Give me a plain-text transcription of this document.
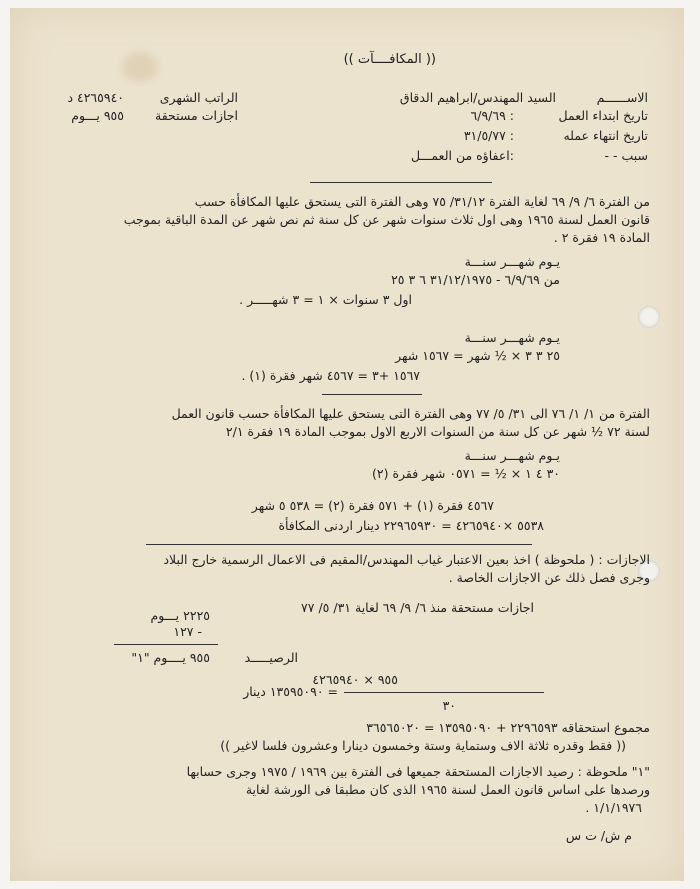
(( المكافــــآت ))
الاســــــم
السيد المهندس/ابراهيم الدقاق
الراتب الشهرى
٤٢٦٥٩٤٠ د
تاريخ ابتداء العمل
: ٦/٩/٦٩
اجازات مستحقة
٩٥٥ يـــوم
تاريخ انتهاء عمله
: ٣١/٥/٧٧
سبب - -
:اعفاؤه من العمـــل
من الفترة ٦/ ٩/ ٦٩ لغاية الفترة ٣١/١٢/ ٧٥ وهى الفترة التى يستحق عليها المكافأة حسب
قانون العمل لسنة ١٩٦٥ وهى اول ثلاث سنوات شهر عن كل سنة ثم نص شهر عن المدة الباقية بموجب
المادة ١٩ فقرة ٢ .
يـوم شهـــر سنـــة
من ٦/٩/٦٩ - ٣١/١٢/١٩٧٥ ٦ ٣ ٢٥
اول ٣ سنوات × ١ = ٣ شهـــــر .
يـوم شهـــر سنـــة
٢٥ ٣ ٣ × ½ شهر = ١٥٦٧ شهر
١٥٦٧ +٣ = ٤٥٦٧ شهر فقرة (١) .
الفترة من ١/ ١/ ٧٦ الى ٣١/ ٥/ ٧٧ وهى الفترة التى يستحق عليها المكافأة حسب قانون العمل
لسنة ٧٢ ½ شهر عن كل سنة من السنوات الاربع الاول بموجب المادة ١٩ فقرة ٢/١
يـوم شهـــر سنـــة
٣٠ ٤ ١ × ½ = ٠٥٧١ شهر فقرة (٢)
٤٥٦٧ فقرة (١) + ٥٧١ فقرة (٢) = ٥٣٨ ٥ شهر
٥٥٣٨ ×٤٢٦٥٩٤٠ = ٢٢٩٦٥٩٣٠ دينار اردنى المكافأة
الاجازات : ( ملحوظة ) اخذ بعين الاعتبار غياب المهندس/المقيم فى الاعمال الرسمية خارج البلاد
وجرى فصل ذلك عن الاجازات الخاصة .
اجازات مستحقة منذ ٦/ ٩/ ٦٩ لغاية ٣١/ ٥/ ٧٧
٢٢٢٥ يـــوم
- ١٢٧
الرصيـــــد
٩٥٥ يــــوم "١"
٩٥٥ × ٤٢٦٥٩٤٠
= ١٣٥٩٥٠٩٠ دينار
٣٠
مجموع استحقاقه ٢٢٩٦٥٩٣ + ١٣٥٩٥٠٩٠ = ٣٦٥٦٥٠٢٠
(( فقط وقدره ثلاثة الاف وستماية وستة وخمسون دينارا وعشرون فلسا لاغير ))
"١" ملحوظة : رصيد الاجازات المستحقة جميعها فى الفترة بين ١٩٦٩ / ١٩٧٥ وجرى حسابها
ورصدها على اساس قانون العمل لسنة ١٩٦٥ الذى كان مطبقا فى الورشة لغاية
١/١/١٩٧٦ .
م ش/ ت س
